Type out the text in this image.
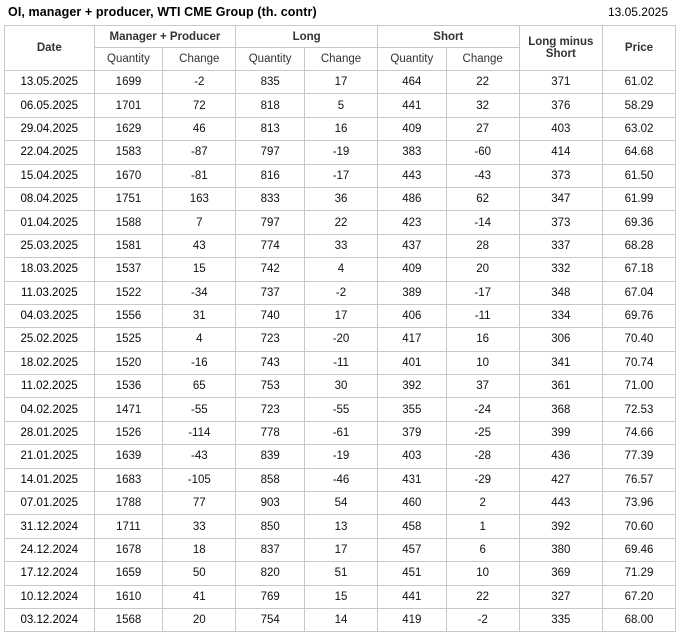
OI, manager + producer, WTI CME Group (th. contr)	13.05.2025
Date	Manager + Producer		Long		Short		Long minus Short	Price
	Quantity	Change	Quantity	Change	Quantity	Change		
13.05.2025	1699	-2	835	17	464	22	371	61.02
06.05.2025	1701	72	818	5	441	32	376	58.29
29.04.2025	1629	46	813	16	409	27	403	63.02
22.04.2025	1583	-87	797	-19	383	-60	414	64.68
15.04.2025	1670	-81	816	-17	443	-43	373	61.50
08.04.2025	1751	163	833	36	486	62	347	61.99
01.04.2025	1588	7	797	22	423	-14	373	69.36
25.03.2025	1581	43	774	33	437	28	337	68.28
18.03.2025	1537	15	742	4	409	20	332	67.18
11.03.2025	1522	-34	737	-2	389	-17	348	67.04
04.03.2025	1556	31	740	17	406	-11	334	69.76
25.02.2025	1525	4	723	-20	417	16	306	70.40
18.02.2025	1520	-16	743	-11	401	10	341	70.74
11.02.2025	1536	65	753	30	392	37	361	71.00
04.02.2025	1471	-55	723	-55	355	-24	368	72.53
28.01.2025	1526	-114	778	-61	379	-25	399	74.66
21.01.2025	1639	-43	839	-19	403	-28	436	77.39
14.01.2025	1683	-105	858	-46	431	-29	427	76.57
07.01.2025	1788	77	903	54	460	2	443	73.96
31.12.2024	1711	33	850	13	458	1	392	70.60
24.12.2024	1678	18	837	17	457	6	380	69.46
17.12.2024	1659	50	820	51	451	10	369	71.29
10.12.2024	1610	41	769	15	441	22	327	67.20
03.12.2024	1568	20	754	14	419	-2	335	68.00
